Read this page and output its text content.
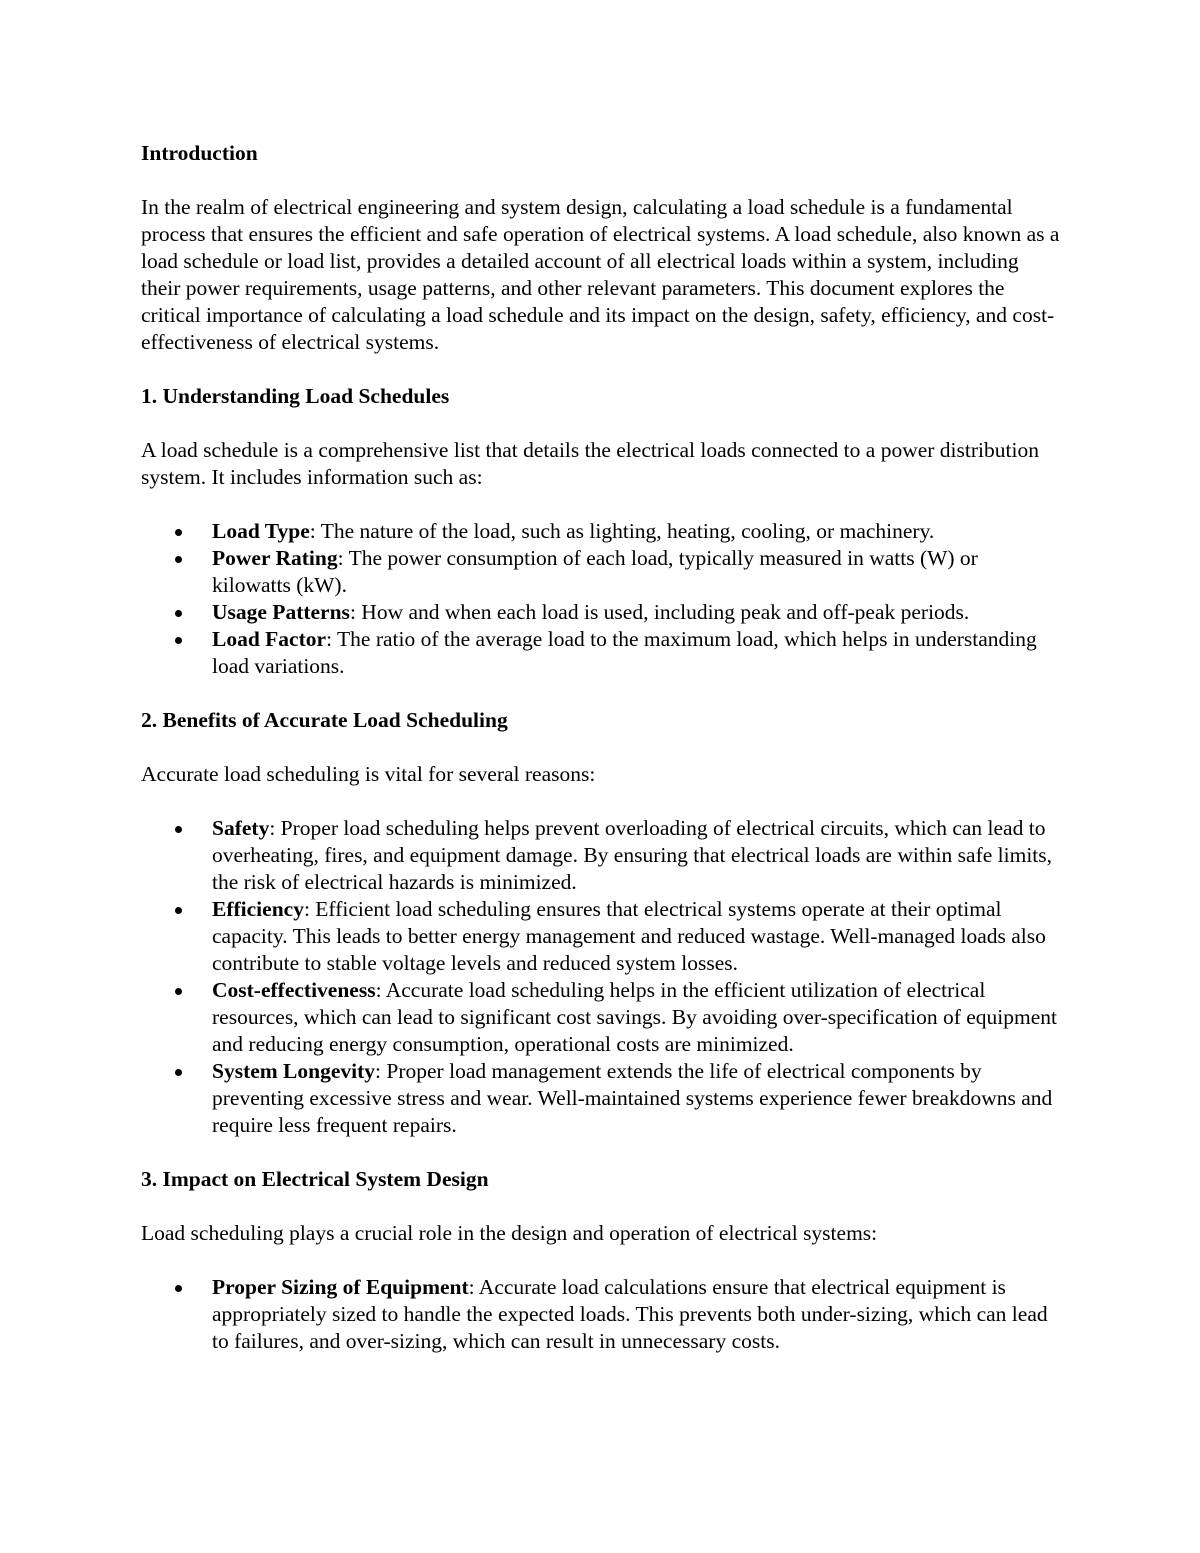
Introduction

In the realm of electrical engineering and system design, calculating a load schedule is a fundamental process that ensures the efficient and safe operation of electrical systems. A load schedule, also known as a load schedule or load list, provides a detailed account of all electrical loads within a system, including their power requirements, usage patterns, and other relevant parameters. This document explores the critical importance of calculating a load schedule and its impact on the design, safety, efficiency, and cost-effectiveness of electrical systems.

1. Understanding Load Schedules

A load schedule is a comprehensive list that details the electrical loads connected to a power distribution system. It includes information such as:

Load Type: The nature of the load, such as lighting, heating, cooling, or machinery.
Power Rating: The power consumption of each load, typically measured in watts (W) or kilowatts (kW).
Usage Patterns: How and when each load is used, including peak and off-peak periods.
Load Factor: The ratio of the average load to the maximum load, which helps in understanding load variations.

2. Benefits of Accurate Load Scheduling

Accurate load scheduling is vital for several reasons:

Safety: Proper load scheduling helps prevent overloading of electrical circuits, which can lead to overheating, fires, and equipment damage. By ensuring that electrical loads are within safe limits, the risk of electrical hazards is minimized.
Efficiency: Efficient load scheduling ensures that electrical systems operate at their optimal capacity. This leads to better energy management and reduced wastage. Well-managed loads also contribute to stable voltage levels and reduced system losses.
Cost-effectiveness: Accurate load scheduling helps in the efficient utilization of electrical resources, which can lead to significant cost savings. By avoiding over-specification of equipment and reducing energy consumption, operational costs are minimized.
System Longevity: Proper load management extends the life of electrical components by preventing excessive stress and wear. Well-maintained systems experience fewer breakdowns and require less frequent repairs.

3. Impact on Electrical System Design

Load scheduling plays a crucial role in the design and operation of electrical systems:

Proper Sizing of Equipment: Accurate load calculations ensure that electrical equipment is appropriately sized to handle the expected loads. This prevents both under-sizing, which can lead to failures, and over-sizing, which can result in unnecessary costs.
